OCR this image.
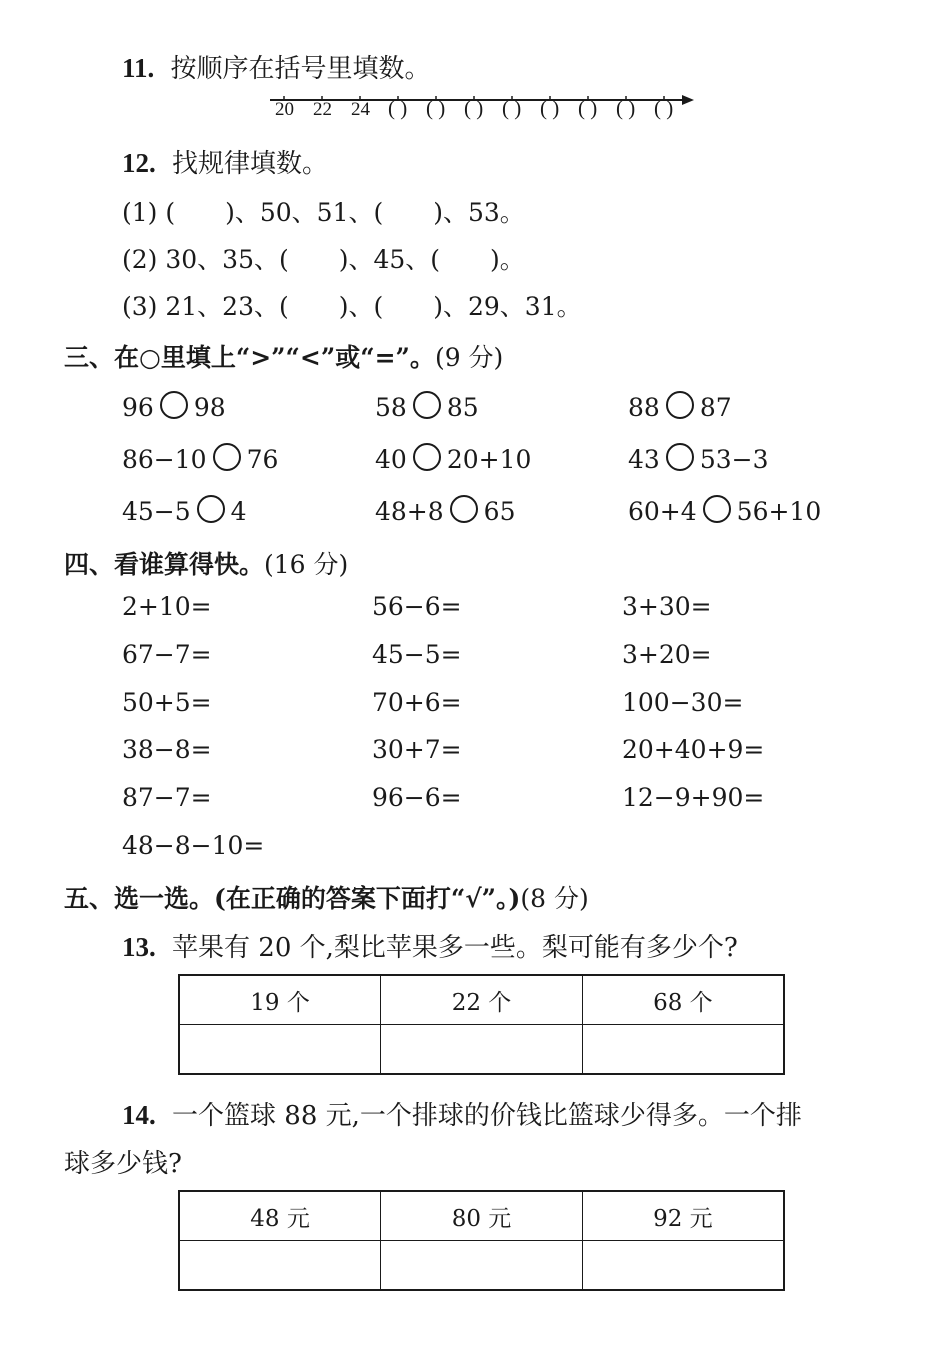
11. 按顺序在括号里填数。
20 22 24 ( ) ( ) ( ) ( ) ( ) ( ) ( ) ( )
12. 找规律填数。
(1) (　　)、50、51、(　　)、53。
(2) 30、35、(　　)、45、(　　)。
(3) 21、23、(　　)、(　　)、29、31。
三、在○里填上“>”“<”或“=”。(9 分)
96 98	58 85	88 87
86−10 76	40 20+10	43 53−3
45−5 4	48+8 65	60+4 56+10
四、看谁算得快。(16 分)
2+10=	56−6=	3+30=
67−7=	45−5=	3+20=
50+5=	70+6=	100−30=
38−8=	30+7=	20+40+9=
87−7=	96−6=	12−9+90=
48−8−10=
五、选一选。(在正确的答案下面打“√”。)(8 分)
13. 苹果有 20 个,梨比苹果多一些。梨可能有多少个?
19 个	22 个	68 个

14. 一个篮球 88 元,一个排球的价钱比篮球少得多。一个排
球多少钱?
48 元	80 元	92 元
